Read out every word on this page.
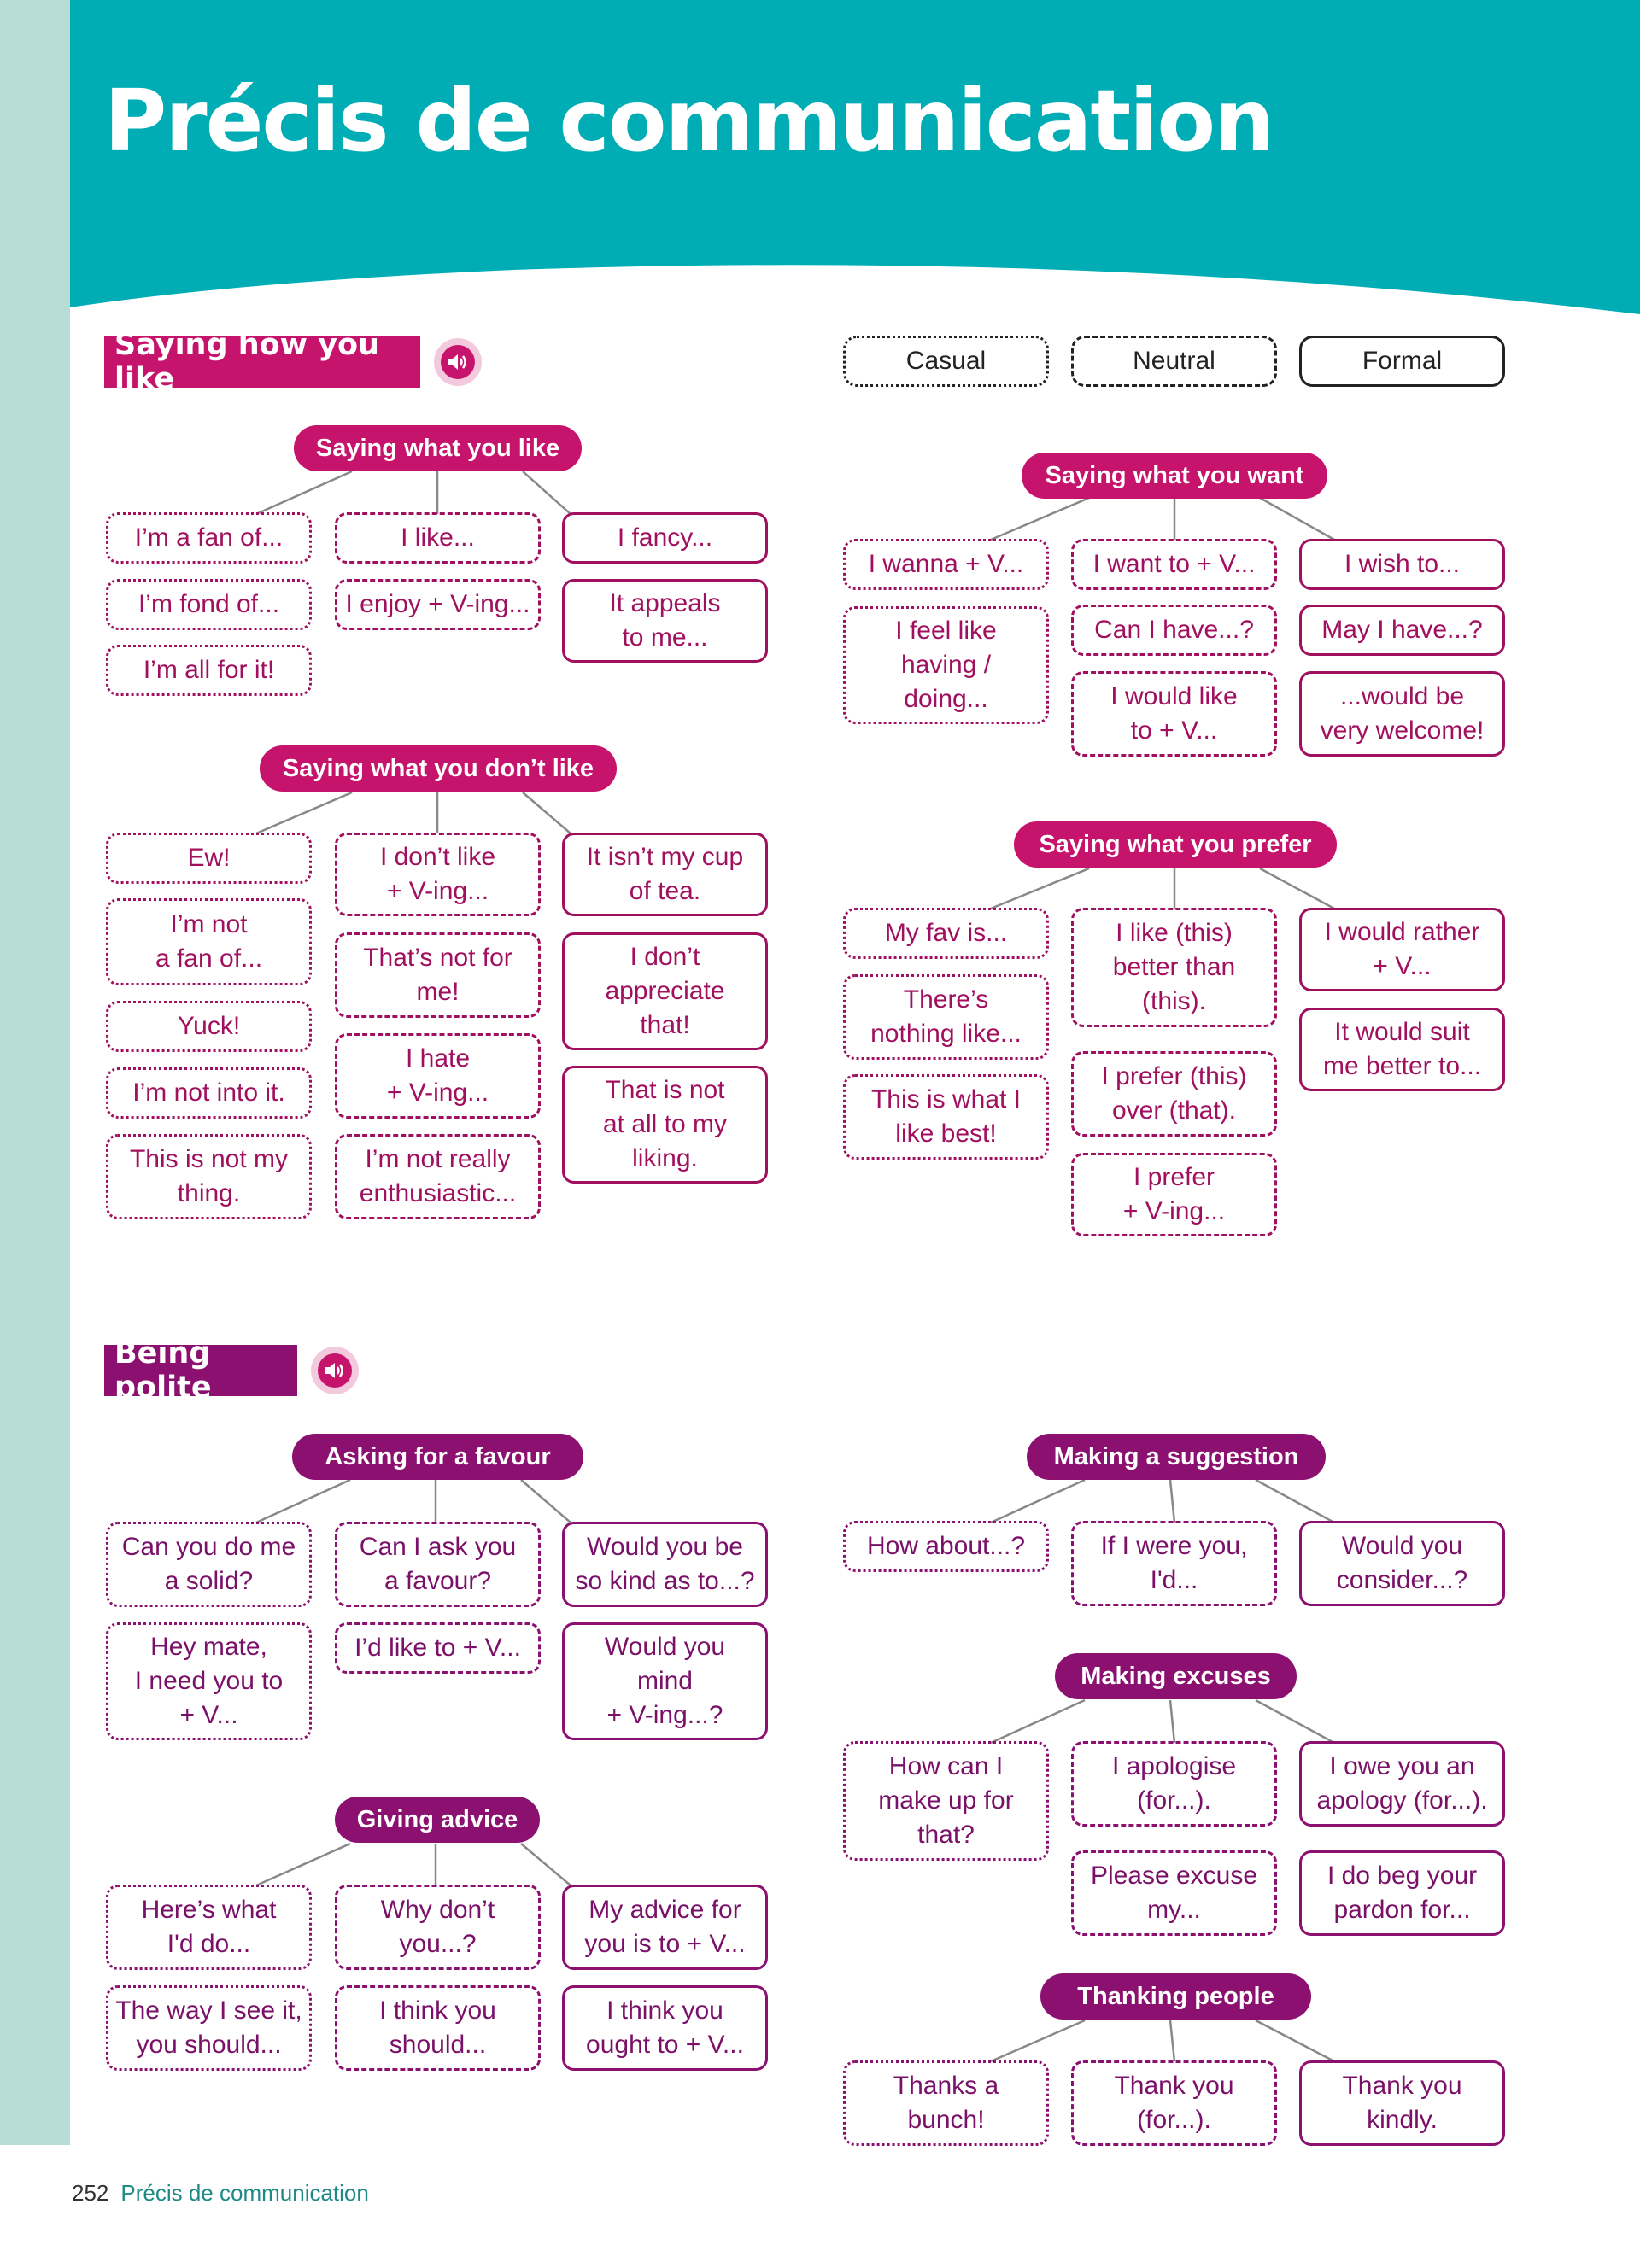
Précis de communication
Saying how you like
Casual	Neutral	Formal
Saying what you like
I’m a fan of...
I’m fond of...
I’m all for it!
I like...
I enjoy + V-ing...
I fancy...
It appeals
to me...
Saying what you don’t like
Ew!
I’m not
a fan of...
Yuck!
I’m not into it.
This is not my
thing.
I don’t like
+ V-ing...
That’s not for
me!
I hate
+ V-ing...
I’m not really
enthusiastic...
It isn’t my cup
of tea.
I don’t
appreciate
that!
That is not
at all to my
liking.
Saying what you want
I wanna + V...
I feel like
having /
doing...
I want to + V...
Can I have...?
I would like
to + V...
I wish to...
May I have...?
...would be
very welcome!
Saying what you prefer
My fav is...
There’s
nothing like...
This is what I
like best!
I like (this)
better than
(this).
I prefer (this)
over (that).
I prefer
+ V-ing...
I would rather
+ V...
It would suit
me better to...
Being polite
Asking for a favour
Can you do me
a solid?
Hey mate,
I need you to
+ V...
Can I ask you
a favour?
I’d like to + V...
Would you be
so kind as to...?
Would you
mind
+ V-ing...?
Giving advice
Here’s what
I'd do...
The way I see it,
you should...
Why don’t
you...?
I think you
should...
My advice for
you is to + V...
I think you
ought to + V...
Making a suggestion
How about...?	If I were you,
I'd...
Would you
consider...?
Making excuses
How can I
make up for
that?
I apologise
(for...).
Please excuse
my...
I owe you an
apology (for...).
I do beg your
pardon for...
Thanking people
Thanks a
bunch!
Thank you
(for...).
Thank you
kindly.
252 Précis de communication
